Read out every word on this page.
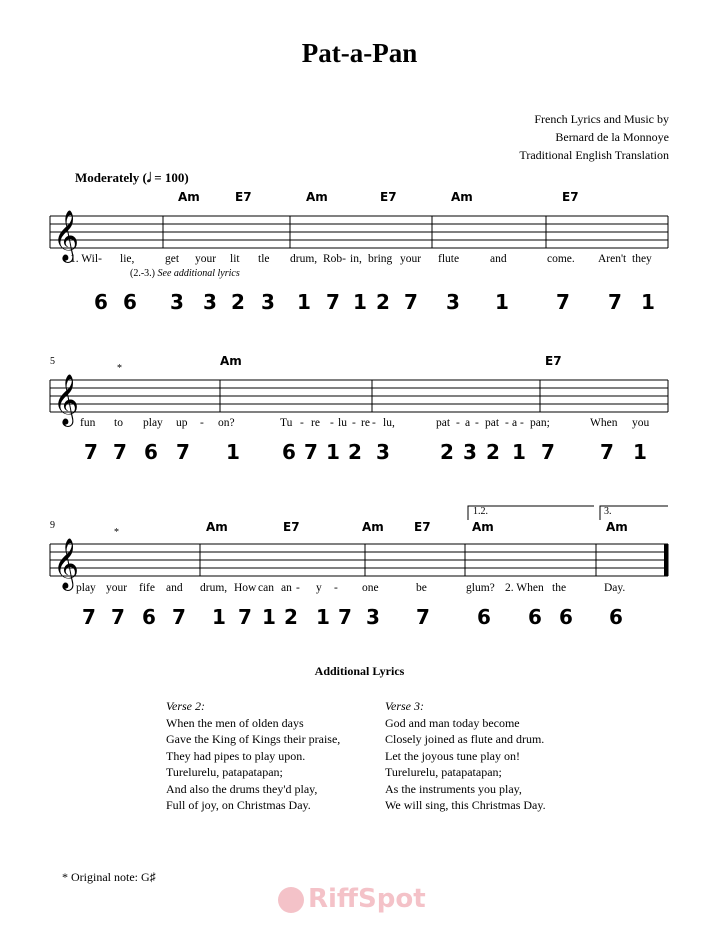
Pat-a-Pan
French Lyrics and Music by
Bernard de la Monnoye
Traditional English Translation
Moderately (𝅗𝅥 = 100)
𝄞
𝄞
𝄞
Am	E7	Am	E7	Am	E7
1. Wil- lie,	get your lit tle drum, Rob- in, bring your flute	and	come. Aren't they
6 6 3 3 2 3 1 7 1 2 7 3 1 7 7 1
Am	E7
fun to play up - on?	Tu - re - lu - re - lu,	pat - a - pat - a - pan;	When you
7 7 6 7 1 6 7 1 2 3	2 3 2 1 7 7 1
Am	E7	Am	E7	Am	Am
play your fife and drum, How can an - y - one	be	glum? 2. When the	Day.
7 7 6 7 1 7 1 2 1 7 3 7 6 6 6 6
(2.-3.) See additional lyrics
*
*
1.2.	3.
5
9
Additional Lyrics
Verse 2:
When the men of olden days
Gave the King of Kings their praise,
They had pipes to play upon.
Turelurelu, patapatapan;
And also the drums they'd play,
Full of joy, on Christmas Day.
Verse 3:
God and man today become
Closely joined as flute and drum.
Let the joyous tune play on!
Turelurelu, patapatapan;
As the instruments you play,
We will sing, this Christmas Day.
* Original note: G♯
RiffSpot
